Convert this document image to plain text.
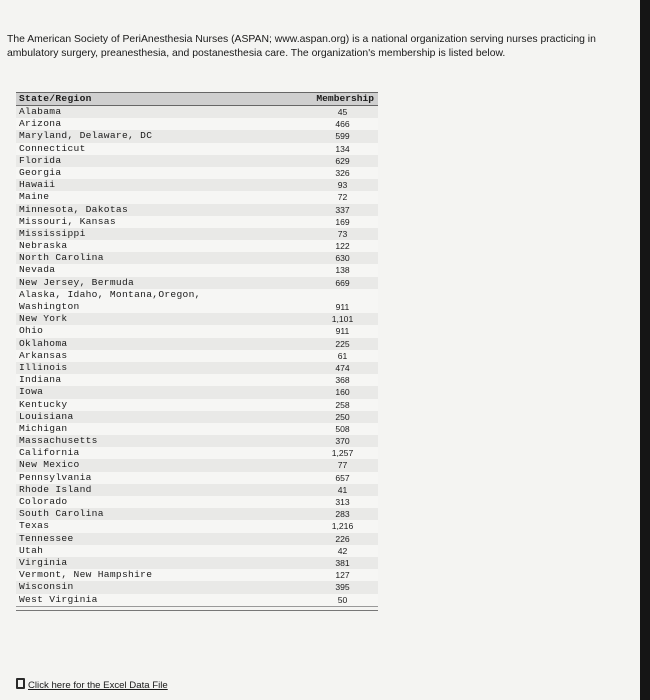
The American Society of PeriAnesthesia Nurses (ASPAN; www.aspan.org) is a national organization serving nurses practicing in ambulatory surgery, preanesthesia, and postanesthesia care. The organization's membership is listed below.

State/Region	Membership
Alabama	45
Arizona	466
Maryland, Delaware, DC	599
Connecticut	134
Florida	629
Georgia	326
Hawaii	93
Maine	72
Minnesota, Dakotas	337
Missouri, Kansas	169
Mississippi	73
Nebraska	122
North Carolina	630
Nevada	138
New Jersey, Bermuda	669
Alaska, Idaho, Montana,Oregon,
Washington	911
New York	1,101
Ohio	911
Oklahoma	225
Arkansas	61
Illinois	474
Indiana	368
Iowa	160
Kentucky	258
Louisiana	250
Michigan	508
Massachusetts	370
California	1,257
New Mexico	77
Pennsylvania	657
Rhode Island	41
Colorado	313
South Carolina	283
Texas	1,216
Tennessee	226
Utah	42
Virginia	381
Vermont, New Hampshire	127
Wisconsin	395
West Virginia	50
Click here for the Excel Data File
